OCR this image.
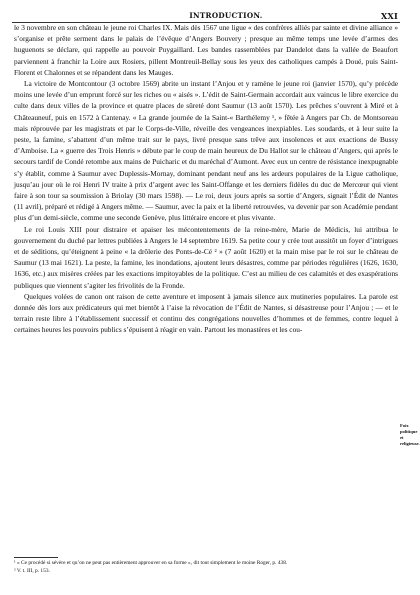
INTRODUCTION.	XXI

le 3 novembre en son château le jeune roi Charles IX. Mais dès 1567 une ligue « des confrères alliés par sainte et divine alliance » s’organise et prête serment dans le palais de l’évêque d’Angers Bouvery ; presque au même temps une levée d’armes des huguenots se déclare, qui rappelle au pouvoir Puygaillard. Les bandes rassemblées par Dandelot dans la vallée de Beaufort parviennent à franchir la Loire aux Rosiers, pillent Montreuil-Bellay sous les yeux des catholiques campés à Doué, puis Saint-Florent et Chalonnes et se répandent dans les Mauges.

La victoire de Montcontour (3 octobre 1569) abrite un instant l’Anjou et y ramène le jeune roi (janvier 1570), qu’y précède moins une levée d’un emprunt forcé sur les riches ou « aisés ». L’édit de Saint-Germain accordait aux vaincus le libre exercice du culte dans deux villes de la province et quatre places de sûreté dont Saumur (13 août 1570). Les prêches s’ouvrent à Miré et à Châteauneuf, puis en 1572 à Cantenay. « La grande journée de la Saint-« Barthélemy ¹, » fêtée à Angers par Cb. de Montsoreau mais réprouvée par les magistrats et par le Corps-de-Ville, réveille des vengeances inexpiables. Les soudards, et à leur suite la peste, la famine, s’abattent d’un même trait sur le pays, livré presque sans trêve aux insolences et aux exactions de Bussy d’Amboise. La « guerre des Trois Henris » débute par le coup de main heureux de Du Hallot sur le château d’Angers, qui après le secours tardif de Condé retombe aux mains de Puicharic et du maréchal d’Aumont. Avec eux un centre de résistance inexpugnable s’y établit, comme à Saumur avec Duplessis-Mornay, dominant pendant neuf ans les ardeurs populaires de la Ligue catholique, jusqu’au jour où le roi Henri IV traite à prix d’argent avec les Saint-Offange et les derniers fidèles du duc de Mercœur qui vient faire à son tour sa soumission à Briolay (30 mars 1598). — Le roi, deux jours après sa sortie d’Angers, signait l’Édit de Nantes (11 avril), préparé et rédigé à Angers même. — Saumur, avec la paix et la liberté retrouvées, va devenir par son Académie pendant plus d’un demi-siècle, comme une seconde Genève, plus littéraire encore et plus vivante.

Le roi Louis XIII pour distraire et apaiser les mécontentements de la reine-mère, Marie de Médicis, lui attribua le gouvernement du duché par lettres publiées à Angers le 14 septembre 1619. Sa petite cour y crée tout aussitôt un foyer d’intrigues et de séditions, qu’éteignent à peine « la drôlerie des Ponts-de-Cé ² » (7 août 1620) et la main mise par le roi sur le château de Saumur (13 mai 1621). La peste, la famine, les inondations, ajoutent leurs désastres, comme par périodes régulières (1626, 1630, 1636, etc.) aux misères créées par les exactions impitoyables de la politique. C’est au milieu de ces calamités et des exaspérations publiques que viennent s’agiter les frivolités de la Fronde.

Quelques volées de canon ont raison de cette aventure et imposent à jamais silence aux mutineries populaires. La parole est donnée dès lors aux prédicateurs qui met bientôt à l’aise la révocation de l’Édit de Nantes, si désastreuse pour l’Anjou ; — et le terrain reste libre à l’établissement successif et continu des congrégations nouvelles d’hommes et de femmes, contre lequel à certaines heures les pouvoirs publics s’épuisent à réagir en vain. Partout les monastères et les cou-

Foix politique et religieuse.
¹ « Ce procédé si sévère et qu’on ne peut pas entièrement approuver en sa forme », dit tout simplement le moine Roger, p. 438.
² V. t. III, p. 153.
